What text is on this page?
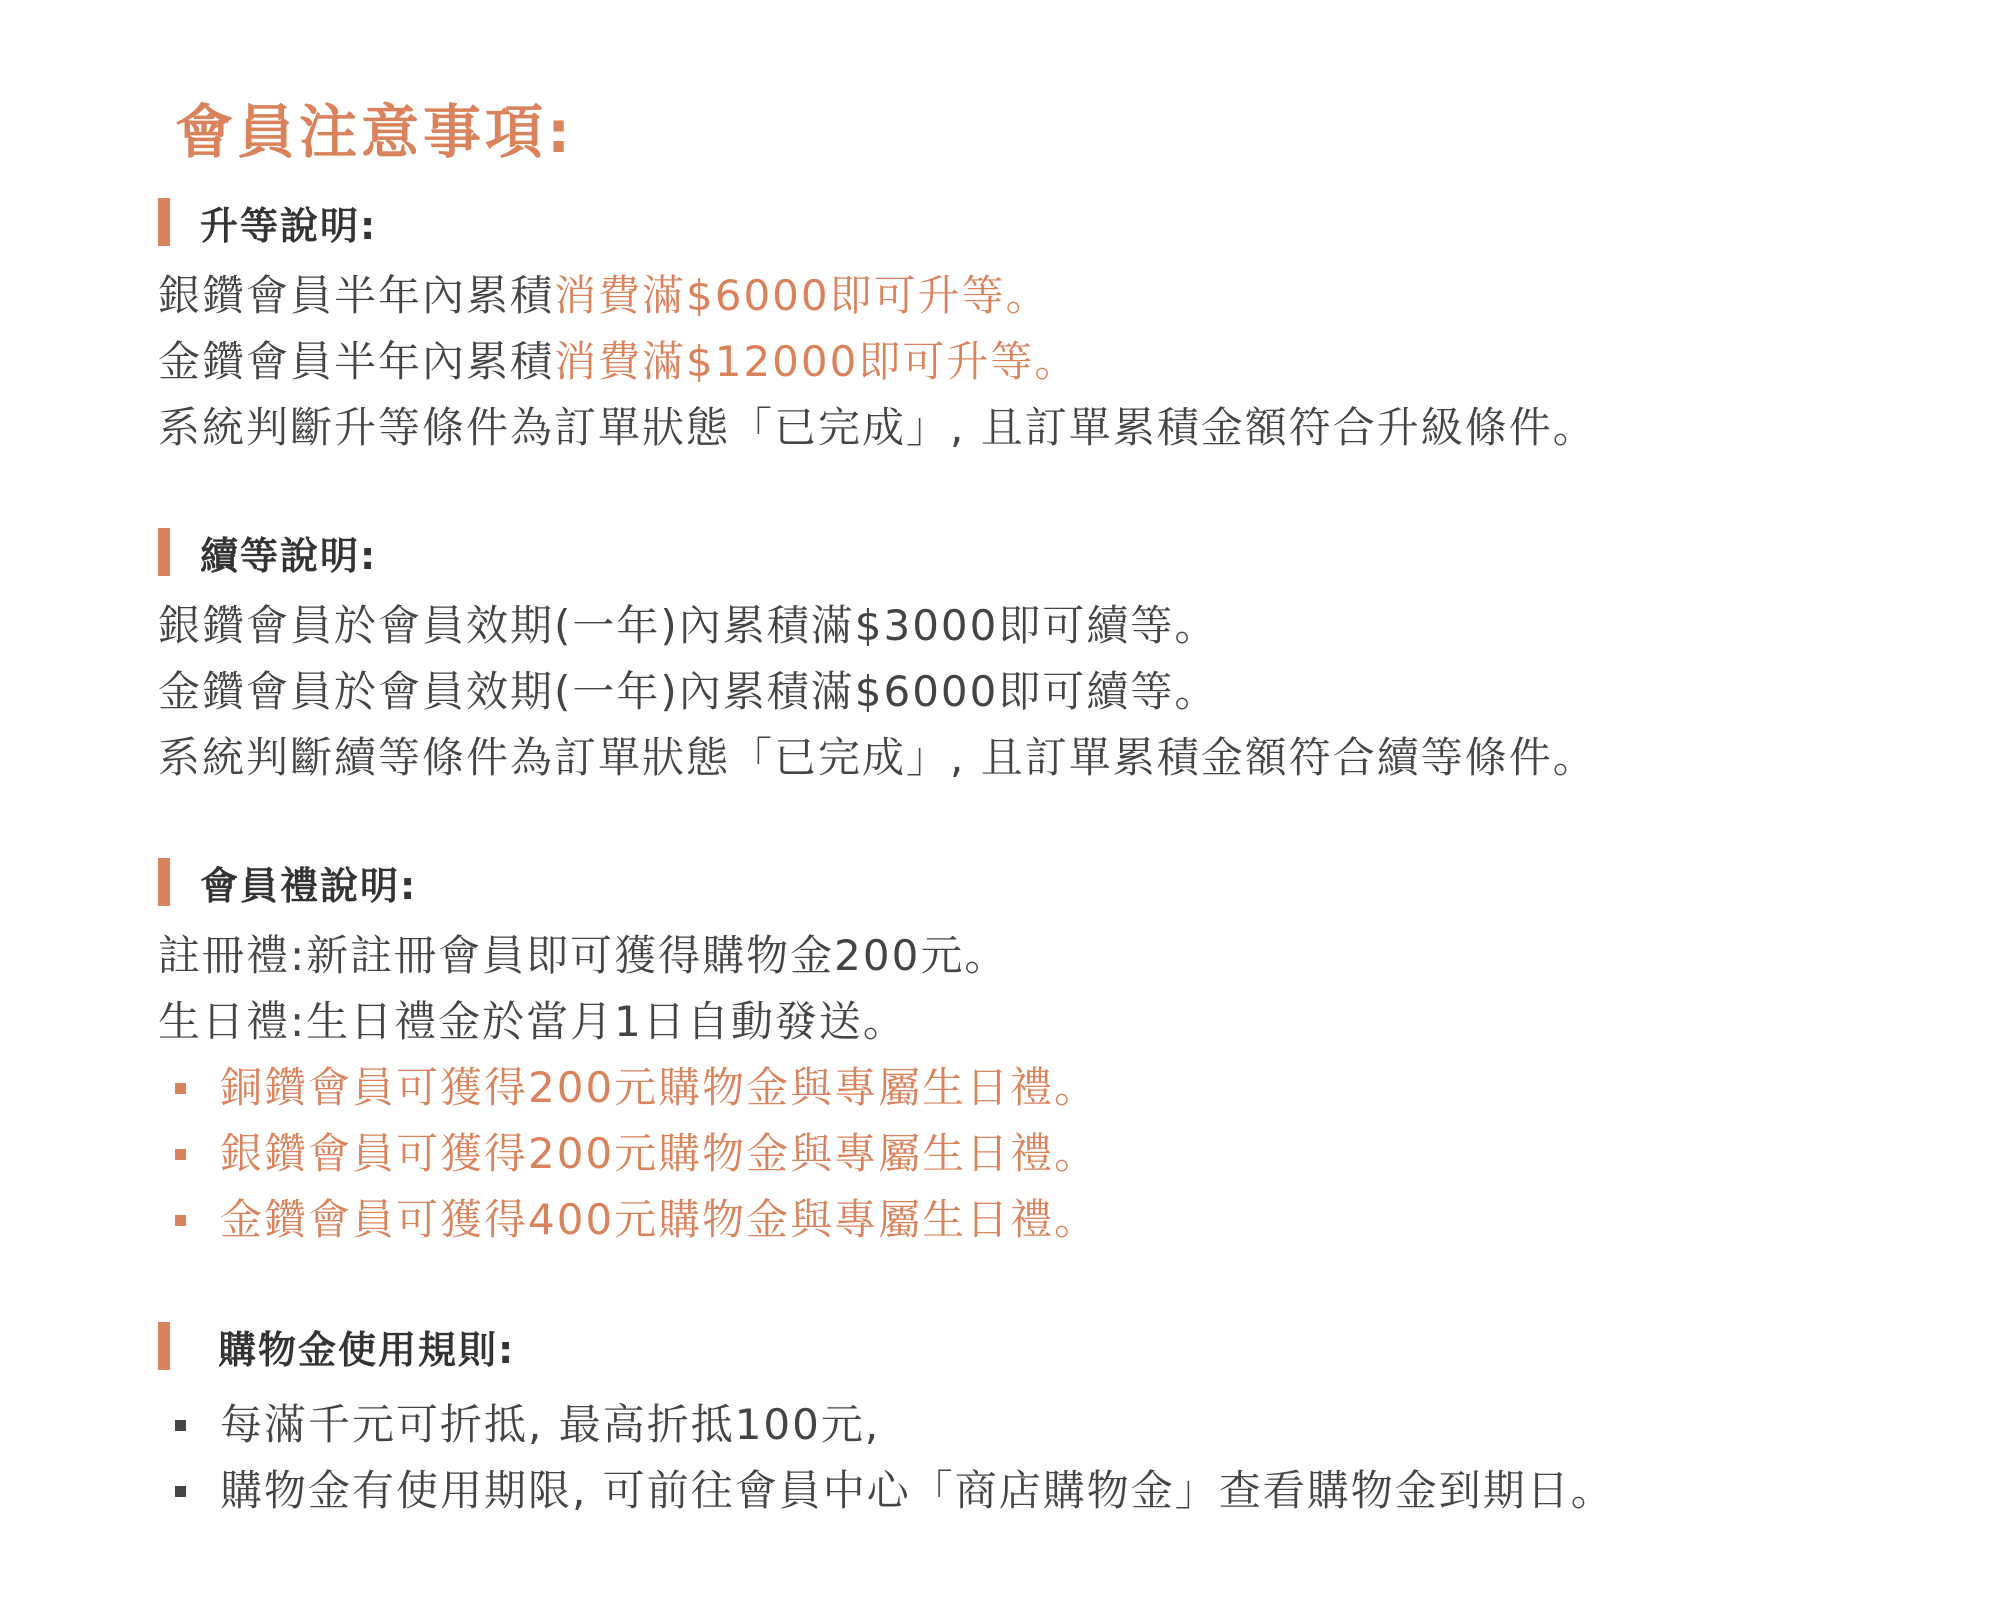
會員注意事項:
升等說明:
銀鑽會員半年內累積消費滿$6000即可升等。
金鑽會員半年內累積消費滿$12000即可升等。
系統判斷升等條件為訂單狀態「已完成」, 且訂單累積金額符合升級條件。
續等說明:
銀鑽會員於會員效期(一年)內累積滿$3000即可續等。
金鑽會員於會員效期(一年)內累積滿$6000即可續等。
系統判斷續等條件為訂單狀態「已完成」, 且訂單累積金額符合續等條件。
會員禮說明:
註冊禮:新註冊會員即可獲得購物金200元。
生日禮:生日禮金於當月1日自動發送。
銅鑽會員可獲得200元購物金與專屬生日禮。
銀鑽會員可獲得200元購物金與專屬生日禮。
金鑽會員可獲得400元購物金與專屬生日禮。
購物金使用規則:
每滿千元可折抵, 最高折抵100元,
購物金有使用期限, 可前往會員中心「商店購物金」查看購物金到期日。
